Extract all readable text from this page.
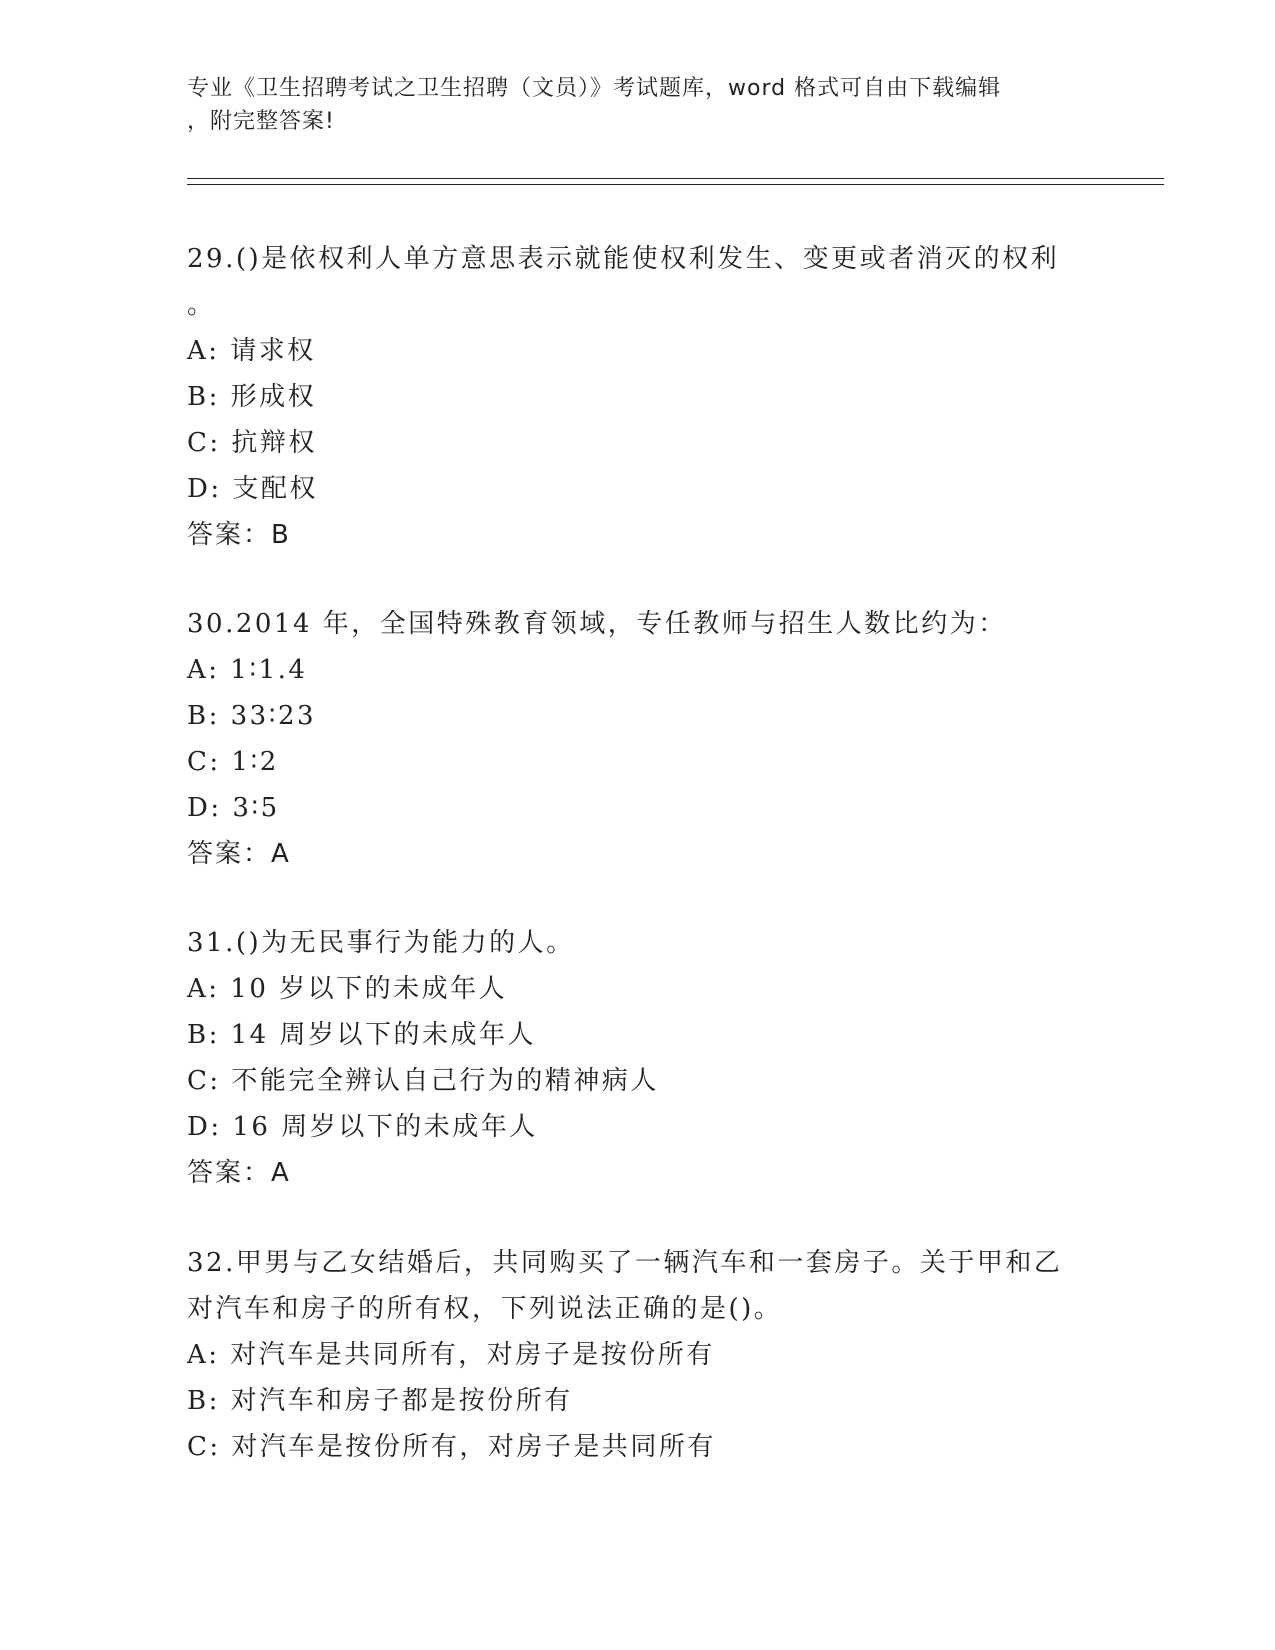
专业《卫生招聘考试之卫生招聘（文员）》考试题库，word 格式可自由下载编辑
，附完整答案!
29.()是依权利人单方意思表示就能使权利发生、变更或者消灭的权利
。
A: 请求权
B: 形成权
C: 抗辩权
D: 支配权
答案：B
30.2014 年，全国特殊教育领域，专任教师与招生人数比约为：
A: 1∶1.4
B: 33∶23
C: 1∶2
D: 3∶5
答案：A
31.()为无民事行为能力的人。
A: 10 岁以下的未成年人
B: 14 周岁以下的未成年人
C: 不能完全辨认自己行为的精神病人
D: 16 周岁以下的未成年人
答案：A
32.甲男与乙女结婚后，共同购买了一辆汽车和一套房子。关于甲和乙
对汽车和房子的所有权，下列说法正确的是()。
A: 对汽车是共同所有，对房子是按份所有
B: 对汽车和房子都是按份所有
C: 对汽车是按份所有，对房子是共同所有
